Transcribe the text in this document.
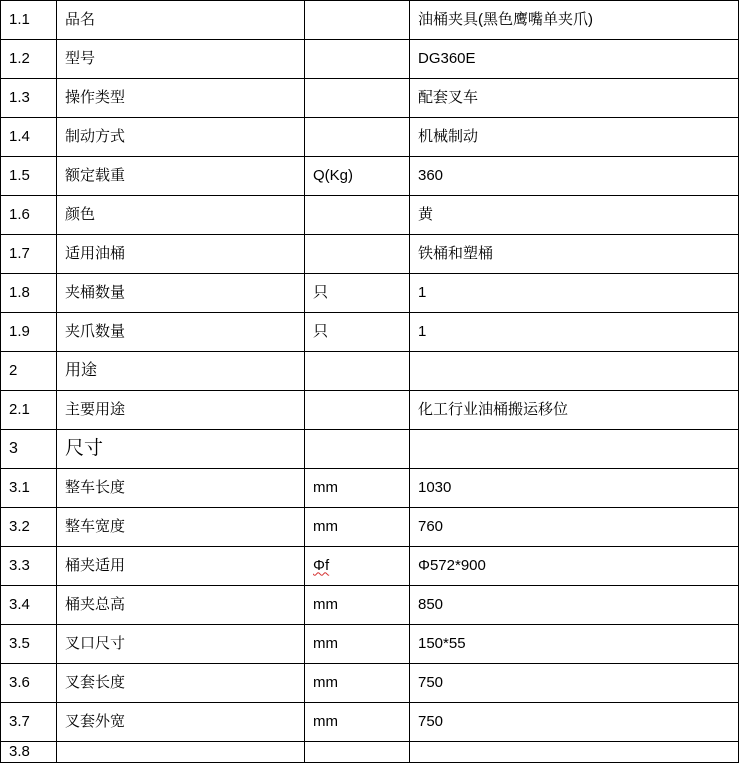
1.1	品名		油桶夹具(黑色鹰嘴单夹爪)
1.2	型号		DG360E
1.3	操作类型		配套叉车
1.4	制动方式		机械制动
1.5	额定载重	Q(Kg)	360
1.6	颜色		黄
1.7	适用油桶		铁桶和塑桶
1.8	夹桶数量	只	1
1.9	夹爪数量	只	1
2	用途		
2.1	主要用途		化工行业油桶搬运移位
3	尺寸		
3.1	整车长度	mm	1030
3.2	整车宽度	mm	760
3.3	桶夹适用	Φf	Φ572*900
3.4	桶夹总高	mm	850
3.5	叉口尺寸	mm	150*55
3.6	叉套长度	mm	750
3.7	叉套外宽	mm	750
3.8			
